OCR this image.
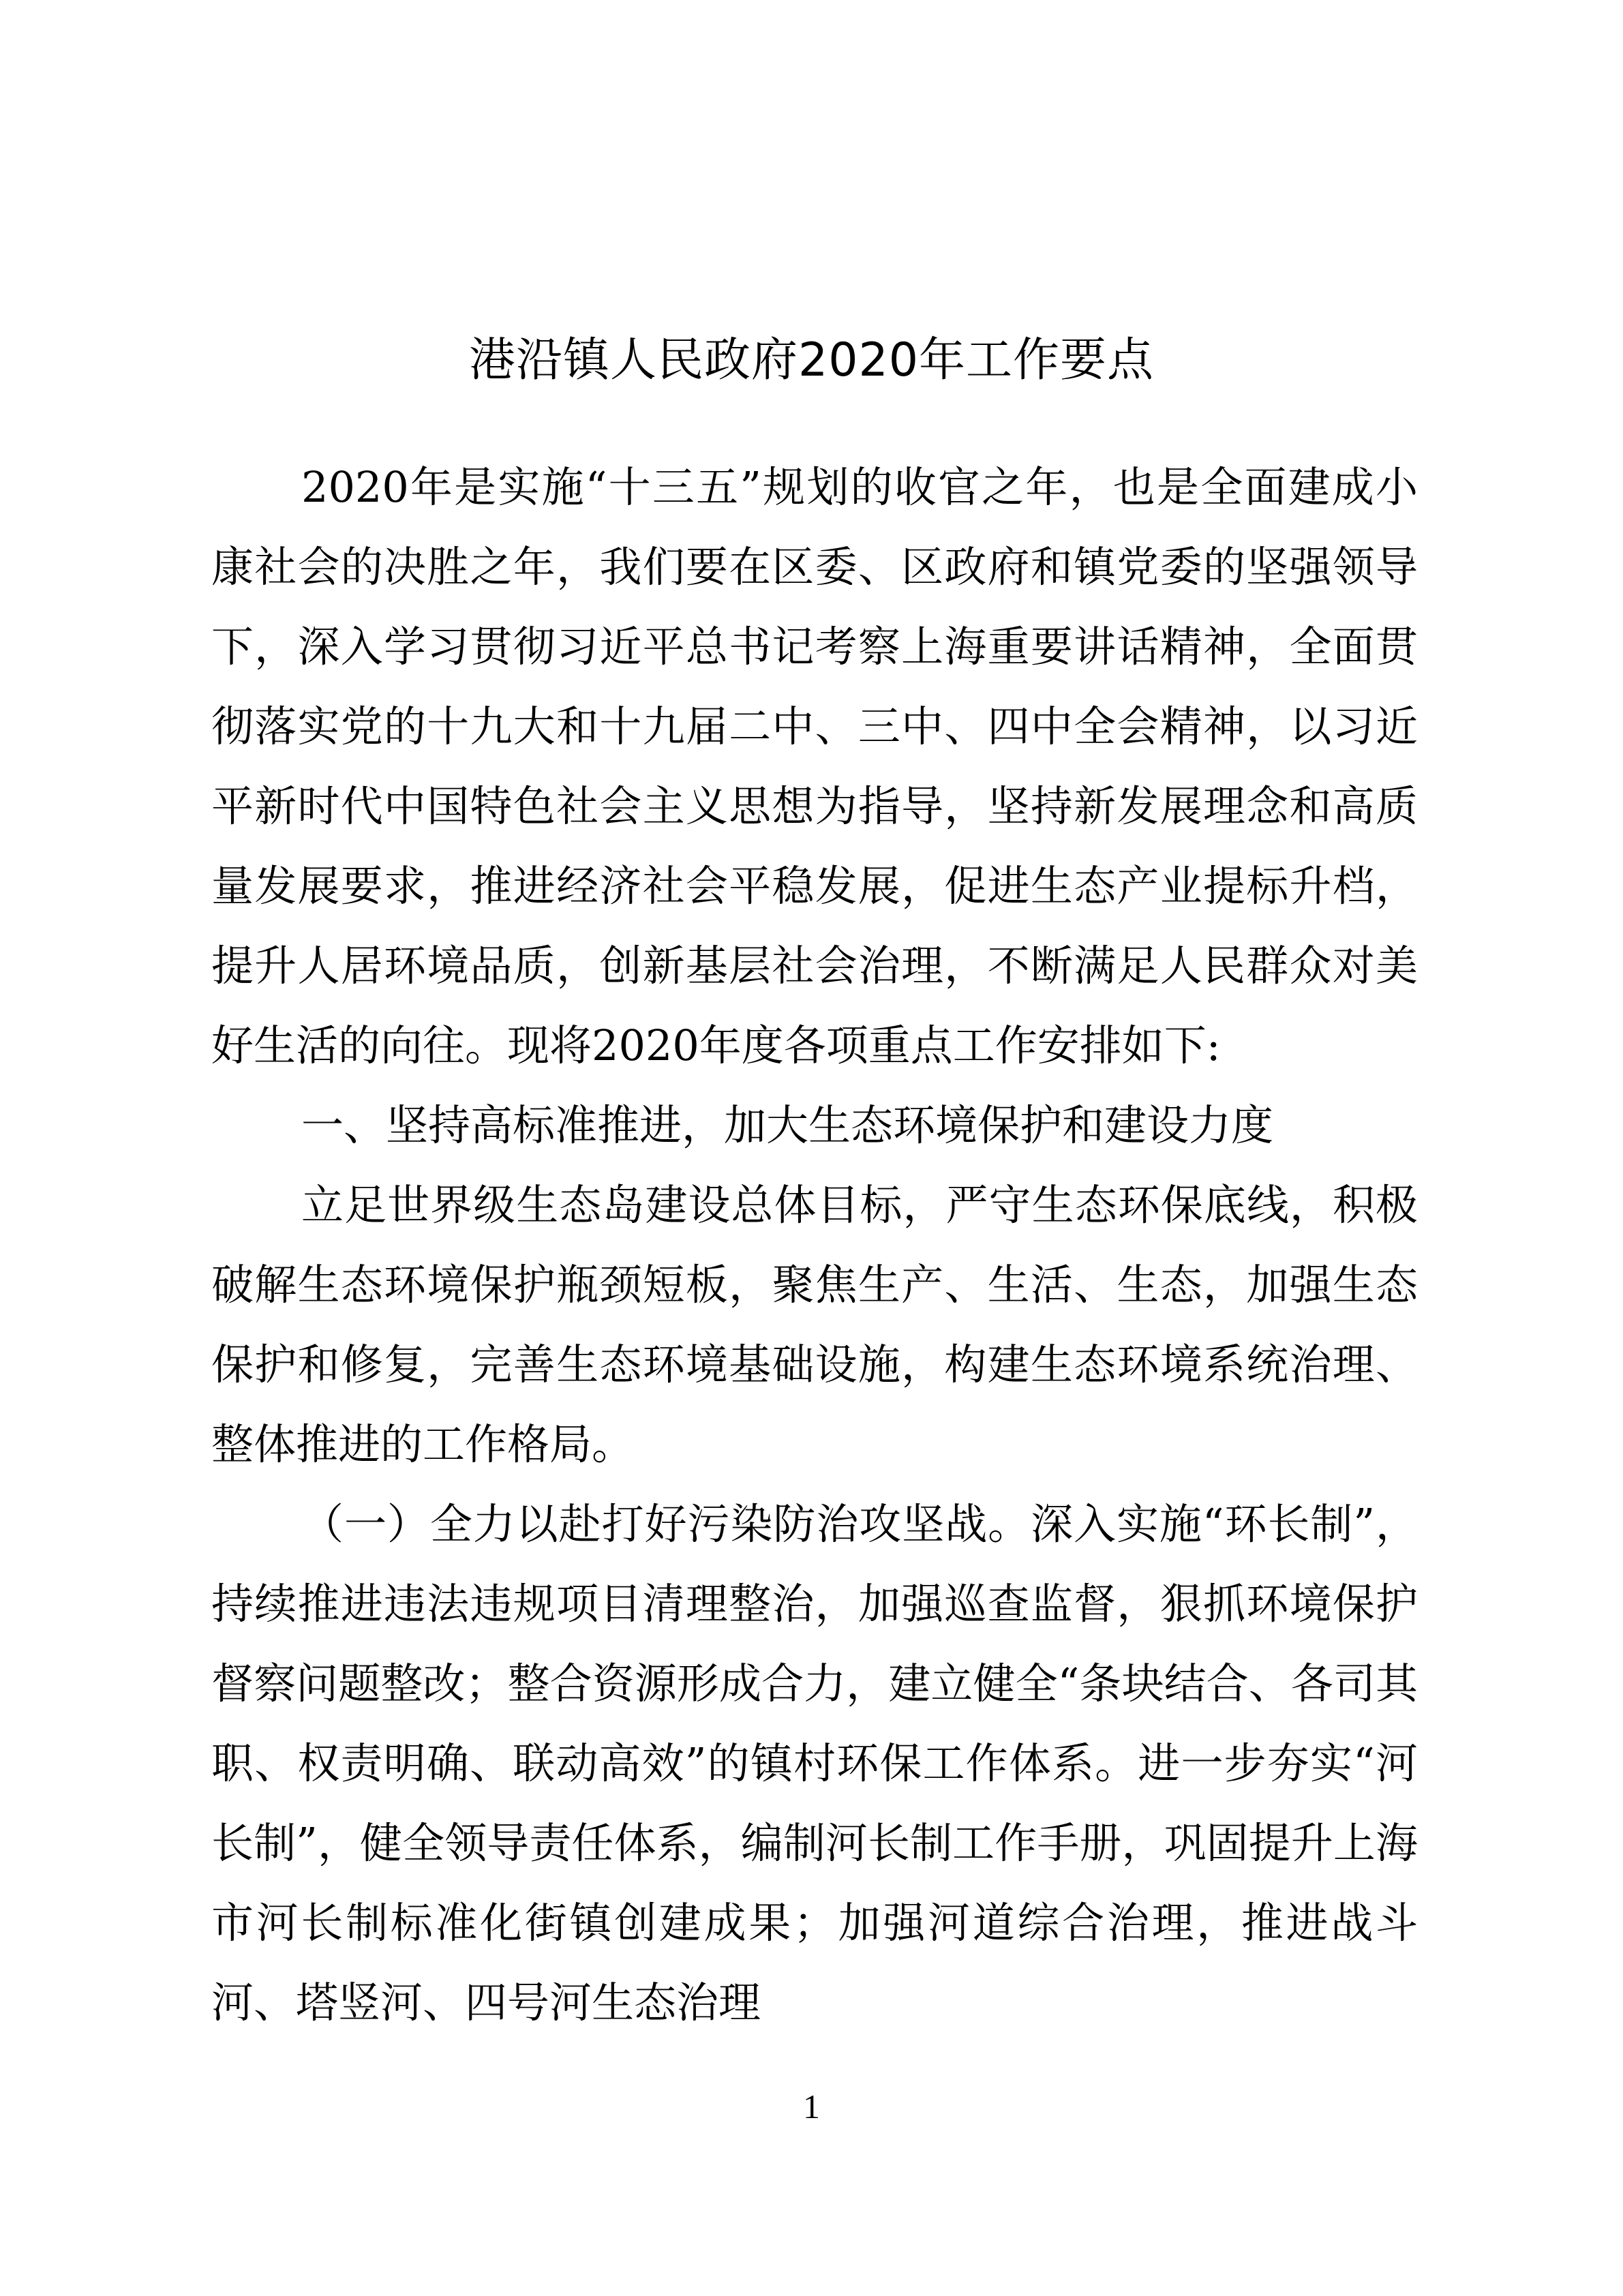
港沿镇人民政府2020年工作要点

2020年是实施“十三五”规划的收官之年，也是全面建成小康社会的决胜之年，我们要在区委、区政府和镇党委的坚强领导下，深入学习贯彻习近平总书记考察上海重要讲话精神，全面贯彻落实党的十九大和十九届二中、三中、四中全会精神，以习近平新时代中国特色社会主义思想为指导，坚持新发展理念和高质量发展要求，推进经济社会平稳发展，促进生态产业提标升档，提升人居环境品质，创新基层社会治理，不断满足人民群众对美好生活的向往。现将2020年度各项重点工作安排如下:

一、坚持高标准推进，加大生态环境保护和建设力度

立足世界级生态岛建设总体目标，严守生态环保底线，积极破解生态环境保护瓶颈短板，聚焦生产、生活、生态，加强生态保护和修复，完善生态环境基础设施，构建生态环境系统治理、整体推进的工作格局。

（一）全力以赴打好污染防治攻坚战。深入实施“环长制”，持续推进违法违规项目清理整治，加强巡查监督，狠抓环境保护督察问题整改；整合资源形成合力，建立健全“条块结合、各司其职、权责明确、联动高效”的镇村环保工作体系。进一步夯实“河长制”，健全领导责任体系，编制河长制工作手册，巩固提升上海市河长制标准化街镇创建成果；加强河道综合治理，推进战斗河、塔竖河、四号河生态治理

1
